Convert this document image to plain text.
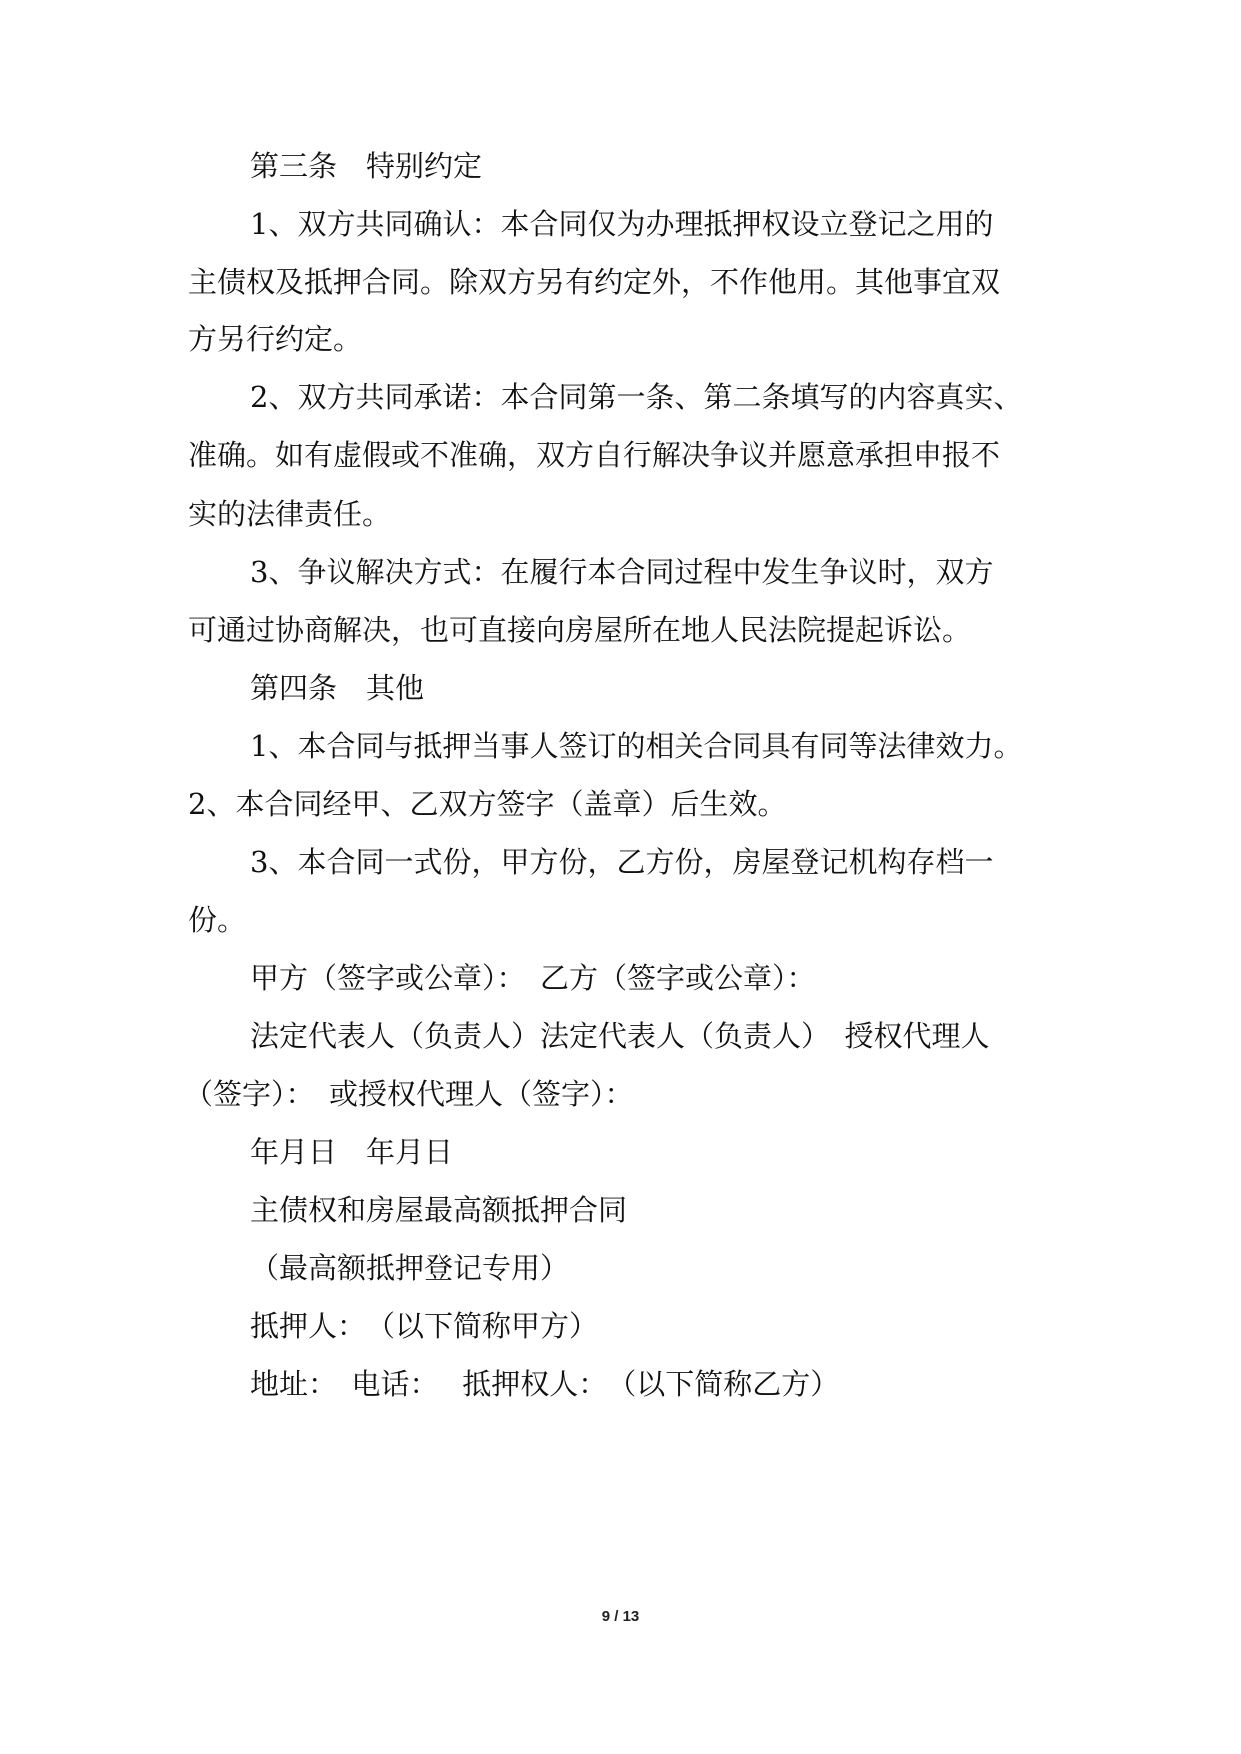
第三条　特别约定
1、双方共同确认：本合同仅为办理抵押权设立登记之用的
主债权及抵押合同。除双方另有约定外，不作他用。其他事宜双
方另行约定。
2、双方共同承诺：本合同第一条、第二条填写的内容真实、
准确。如有虚假或不准确，双方自行解决争议并愿意承担申报不
实的法律责任。
3、争议解决方式：在履行本合同过程中发生争议时，双方
可通过协商解决，也可直接向房屋所在地人民法院提起诉讼。
第四条　其他
1、本合同与抵押当事人签订的相关合同具有同等法律效力。
2、本合同经甲、乙双方签字（盖章）后生效。
3、本合同一式份，甲方份，乙方份，房屋登记机构存档一
份。
甲方（签字或公章）：　乙方（签字或公章）：
法定代表人（负责人）法定代表人（负责人）　授权代理人
（签字）：　或授权代理人（签字）：
年月日　年月日
主债权和房屋最高额抵押合同
（最高额抵押登记专用）
抵押人：　（以下简称甲方）
地址：　电话：　 抵押权人：　（以下简称乙方）
9 / 13
